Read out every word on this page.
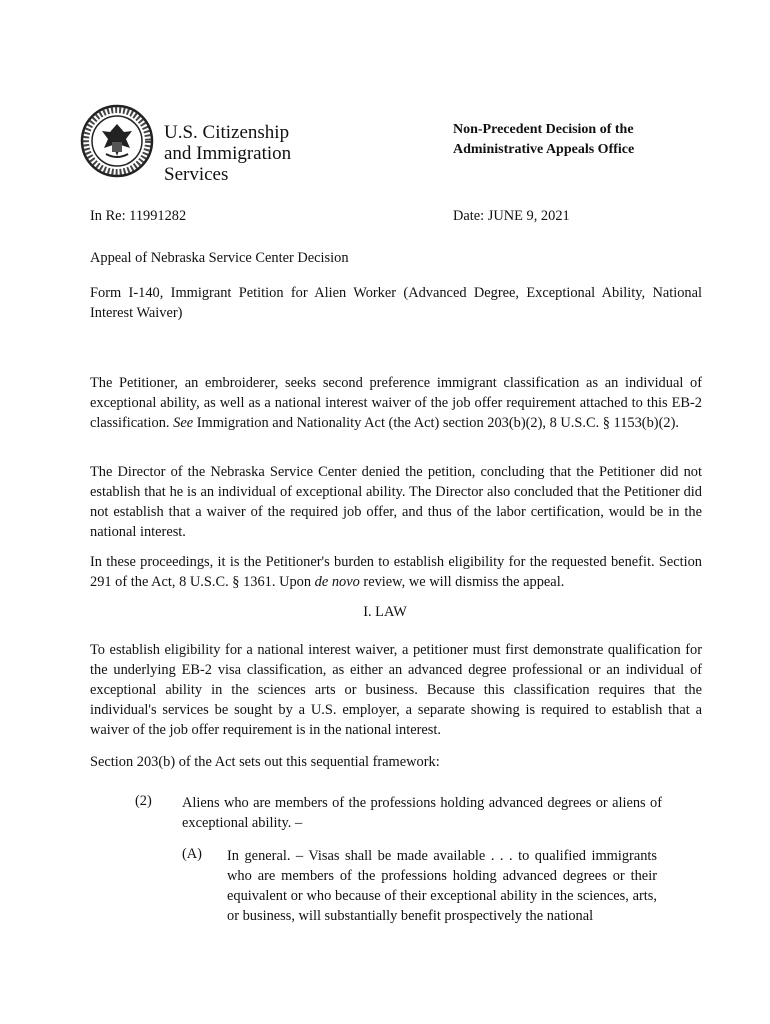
U.S. Citizenship
and Immigration
Services
Non-Precedent Decision of the
Administrative Appeals Office
In Re: 11991282	Date: JUNE 9, 2021
Appeal of Nebraska Service Center Decision
Form I-140, Immigrant Petition for Alien Worker (Advanced Degree, Exceptional Ability, National Interest Waiver)
The Petitioner, an embroiderer, seeks second preference immigrant classification as an individual of exceptional ability, as well as a national interest waiver of the job offer requirement attached to this EB-2 classification. See Immigration and Nationality Act (the Act) section 203(b)(2), 8 U.S.C. § 1153(b)(2).
The Director of the Nebraska Service Center denied the petition, concluding that the Petitioner did not establish that he is an individual of exceptional ability. The Director also concluded that the Petitioner did not establish that a waiver of the required job offer, and thus of the labor certification, would be in the national interest.
In these proceedings, it is the Petitioner's burden to establish eligibility for the requested benefit. Section 291 of the Act, 8 U.S.C. § 1361. Upon de novo review, we will dismiss the appeal.
I. LAW
To establish eligibility for a national interest waiver, a petitioner must first demonstrate qualification for the underlying EB-2 visa classification, as either an advanced degree professional or an individual of exceptional ability in the sciences arts or business. Because this classification requires that the individual's services be sought by a U.S. employer, a separate showing is required to establish that a waiver of the job offer requirement is in the national interest.
Section 203(b) of the Act sets out this sequential framework:
(2) Aliens who are members of the professions holding advanced degrees or aliens of exceptional ability. –
(A) In general. – Visas shall be made available . . . to qualified immigrants who are members of the professions holding advanced degrees or their equivalent or who because of their exceptional ability in the sciences, arts, or business, will substantially benefit prospectively the national
